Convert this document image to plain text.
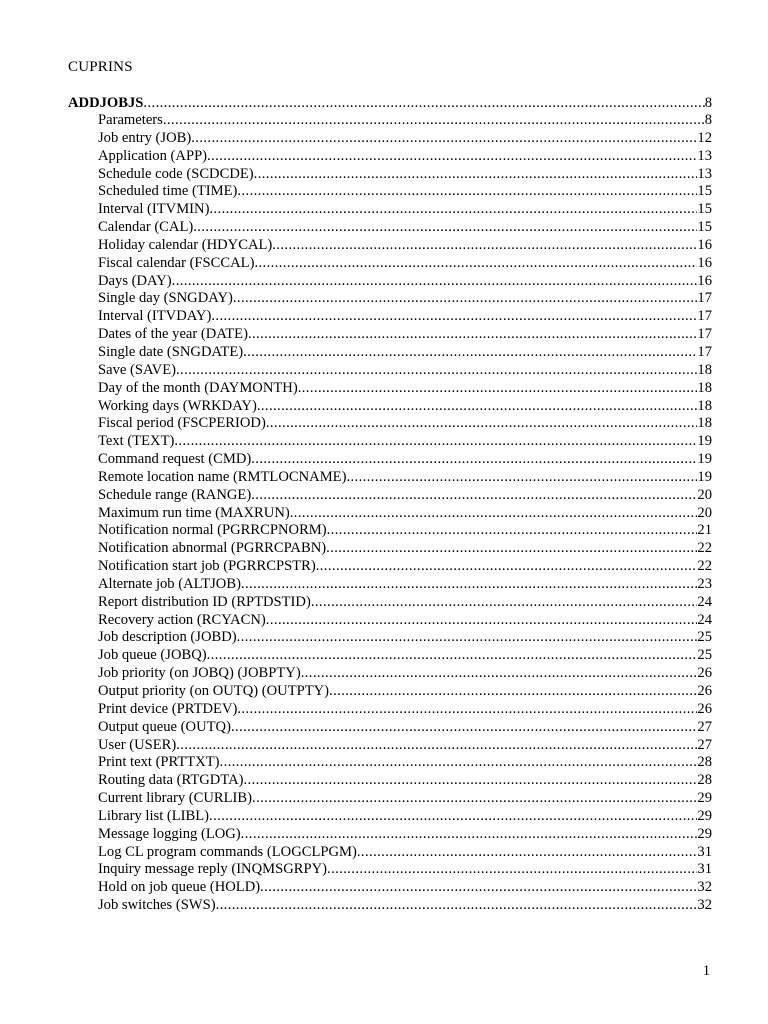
CUPRINS
ADDJOBJS .....	8
Parameters .....	8
Job entry (JOB) .....	12
Application (APP) .....	13
Schedule code (SCDCDE) .....	13
Scheduled time (TIME) .....	15
Interval (ITVMIN) .....	15
Calendar (CAL) .....	15
Holiday calendar (HDYCAL) .....	16
Fiscal calendar (FSCCAL) .....	16
Days (DAY) .....	16
Single day (SNGDAY) .....	17
Interval (ITVDAY) .....	17
Dates of the year (DATE) .....	17
Single date (SNGDATE) .....	17
Save (SAVE) .....	18
Day of the month (DAYMONTH) .....	18
Working days (WRKDAY) .....	18
Fiscal period (FSCPERIOD) .....	18
Text (TEXT) .....	19
Command request (CMD) .....	19
Remote location name (RMTLOCNAME) .....	19
Schedule range (RANGE) .....	20
Maximum run time (MAXRUN) .....	20
Notification normal (PGRRCPNORM) .....	21
Notification abnormal (PGRRCPABN) .....	22
Notification start job (PGRRCPSTR) .....	22
Alternate job (ALTJOB) .....	23
Report distribution ID (RPTDSTID) .....	24
Recovery action (RCYACN) .....	24
Job description (JOBD) .....	25
Job queue (JOBQ) .....	25
Job priority (on JOBQ) (JOBPTY) .....	26
Output priority (on OUTQ) (OUTPTY) .....	26
Print device (PRTDEV) .....	26
Output queue (OUTQ) .....	27
User (USER) .....	27
Print text (PRTTXT) .....	28
Routing data (RTGDTA) .....	28
Current library (CURLIB) .....	29
Library list (LIBL) .....	29
Message logging (LOG) .....	29
Log CL program commands (LOGCLPGM) .....	31
Inquiry message reply (INQMSGRPY) .....	31
Hold on job queue (HOLD) .....	32
Job switches (SWS) .....	32
1
